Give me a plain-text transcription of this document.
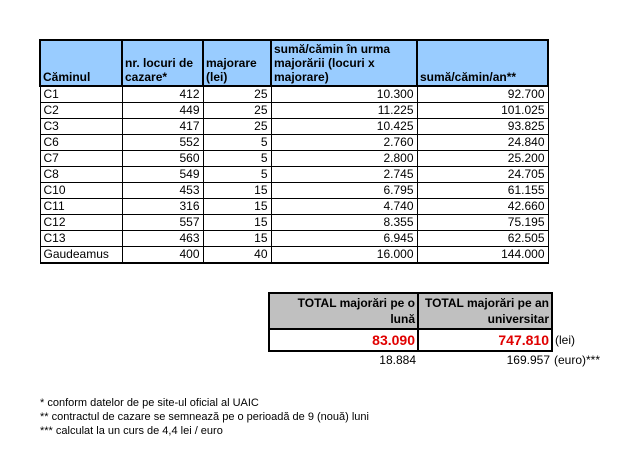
Căminul	nr. locuri de cazare*	majorare (lei)	sumă/cămin în urma majorării (locuri x majorare)	sumă/cămin/an**
C1	412	25	10.300	92.700
C2	449	25	11.225	101.025
C3	417	25	10.425	93.825
C6	552	5	2.760	24.840
C7	560	5	2.800	25.200
C8	549	5	2.745	24.705
C10	453	15	6.795	61.155
C11	316	15	4.740	42.660
C12	557	15	8.355	75.195
C13	463	15	6.945	62.505
Gaudeamus	400	40	16.000	144.000
TOTAL majorări pe o lună	TOTAL majorări pe an universitar	
83.090	747.810	(lei)
18.884	169.957	(euro)***
* conform datelor de pe site-ul oficial al UAIC
** contractul de cazare se semnează pe o perioadă de 9 (nouă) luni
*** calculat la un curs de 4,4 lei / euro
